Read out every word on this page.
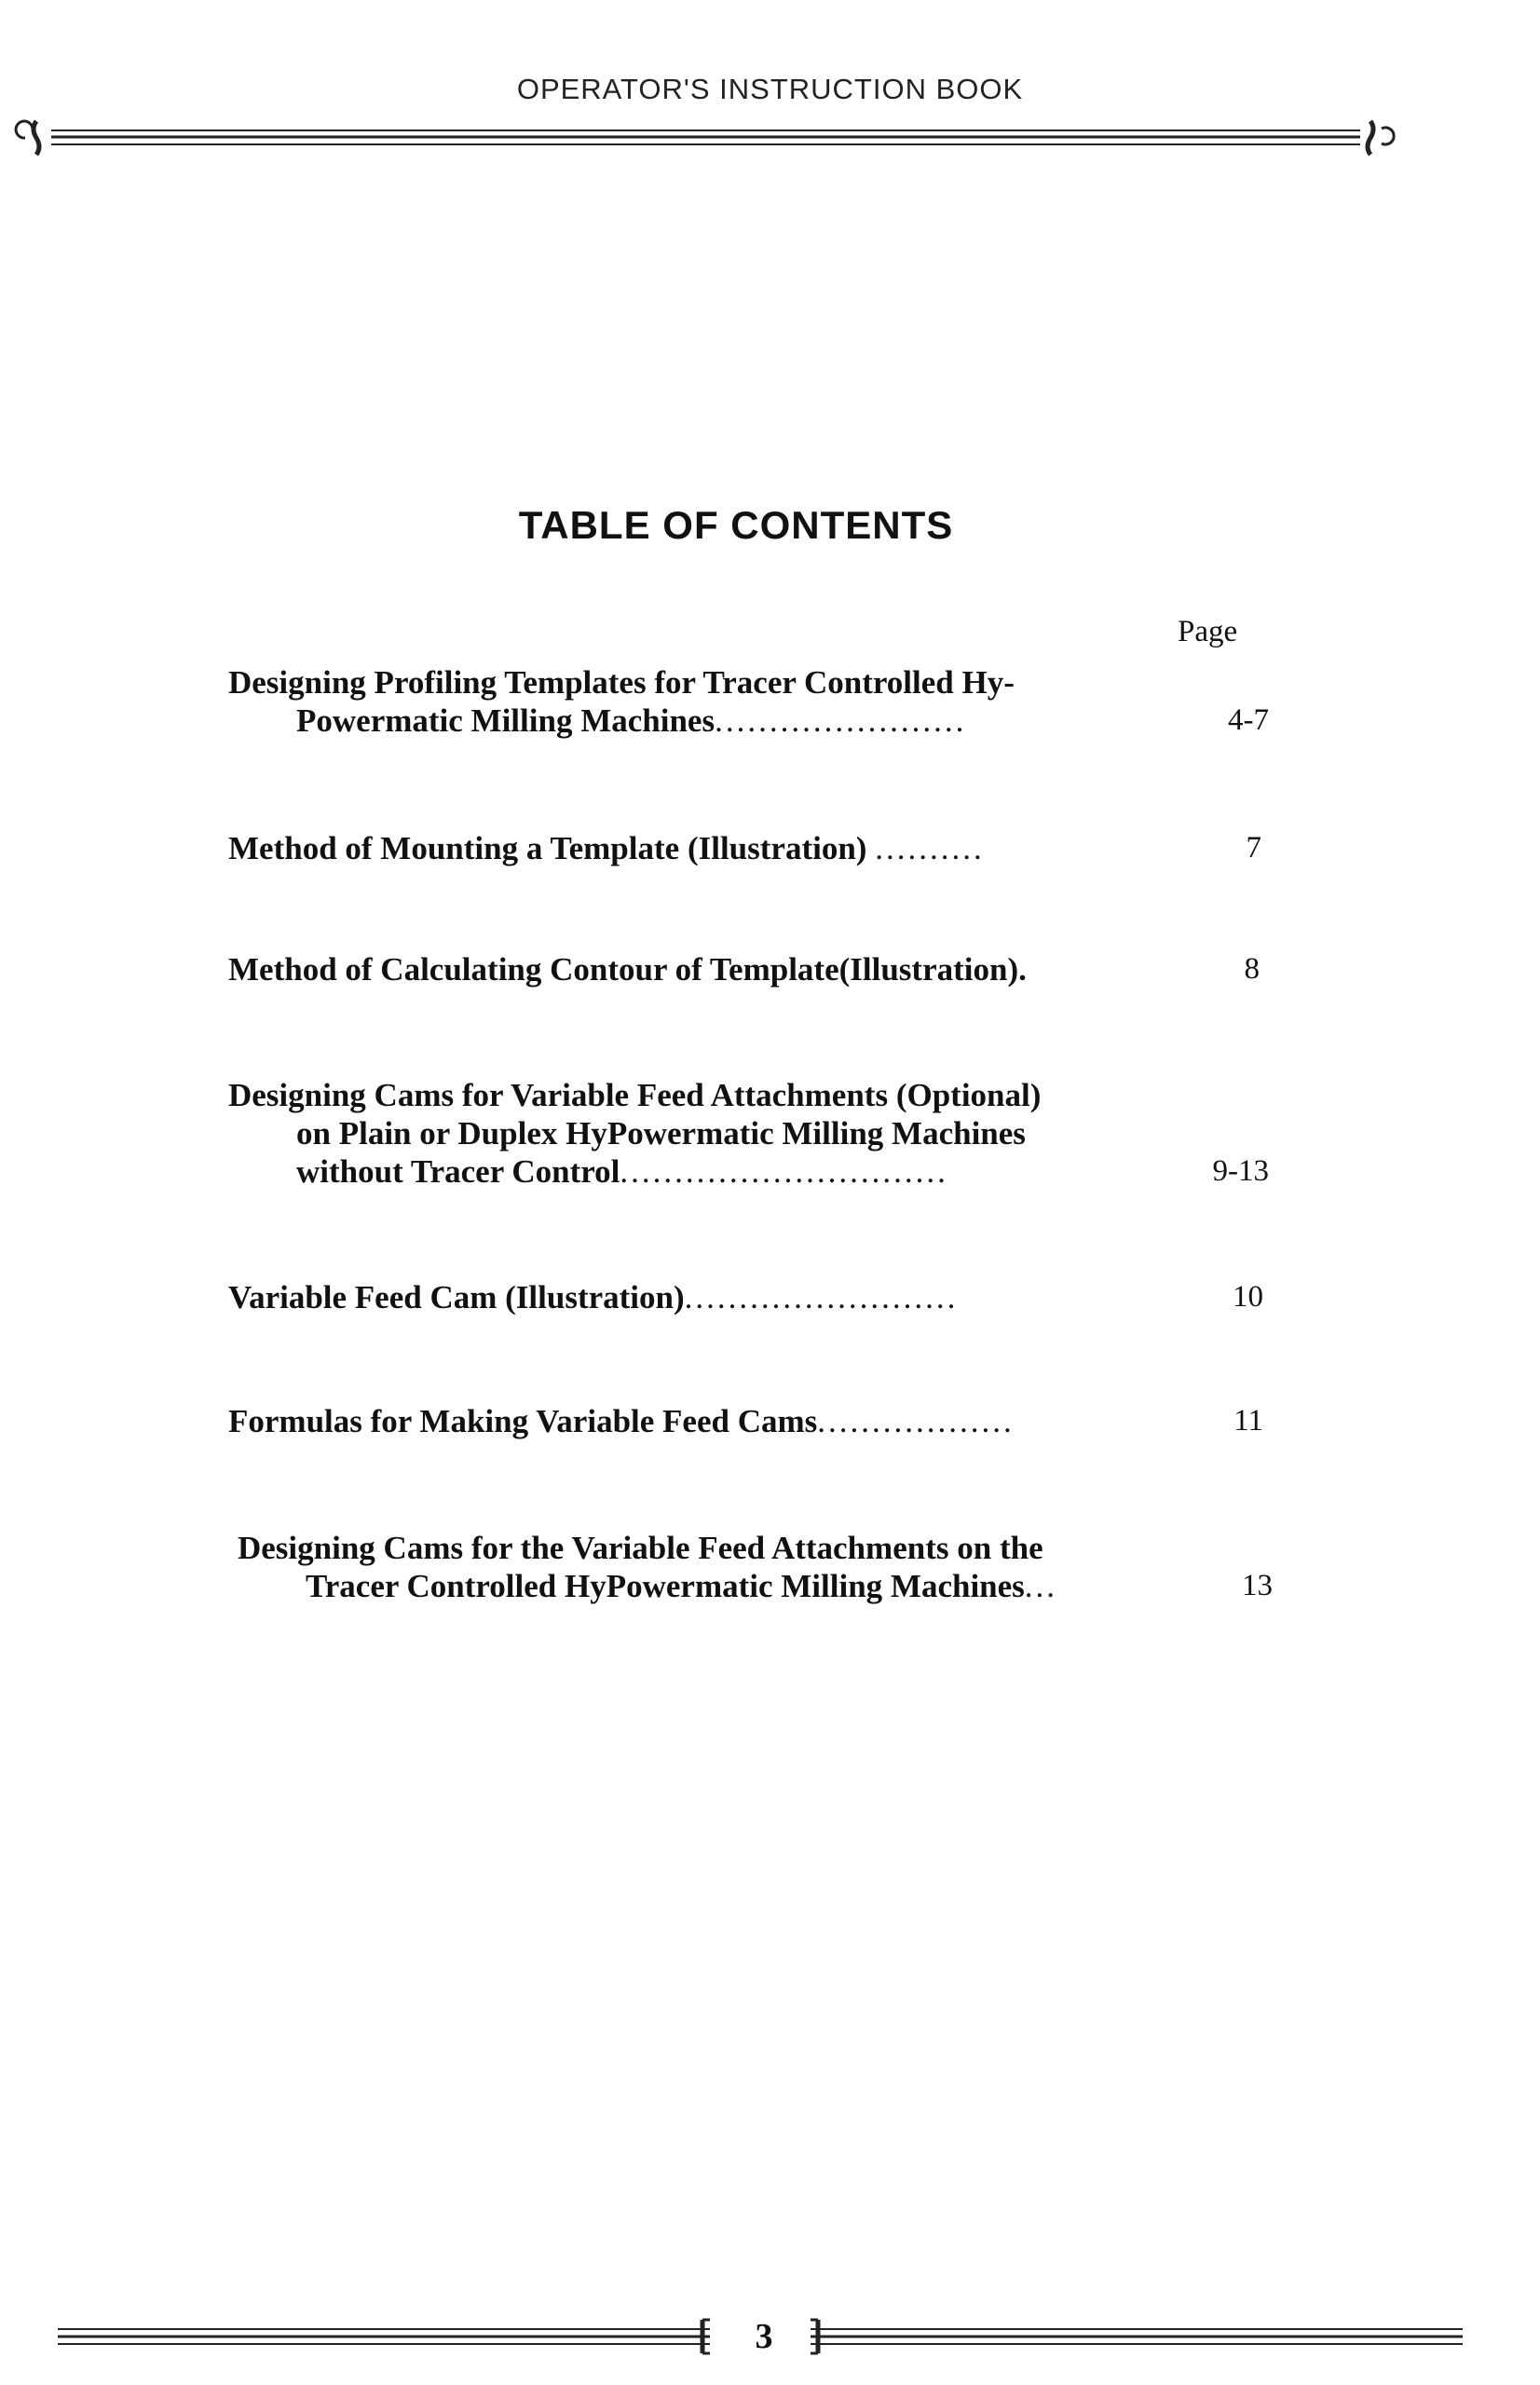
OPERATOR'S INSTRUCTION BOOK
TABLE OF CONTENTS
Page
Designing Profiling Templates for Tracer Controlled Hy-
Powermatic Milling Machines.......................	4-7
Method of Mounting a Template (Illustration) ..........	7
Method of Calculating Contour of Template(Illustration).	8
Designing Cams for Variable Feed Attachments (Optional)
on Plain or Duplex HyPowermatic Milling Machines
without Tracer Control..............................	9-13
Variable Feed Cam (Illustration).........................	10
Formulas for Making Variable Feed Cams..................	11
Designing Cams for the Variable Feed Attachments on the
Tracer Controlled HyPowermatic Milling Machines...	13
3
